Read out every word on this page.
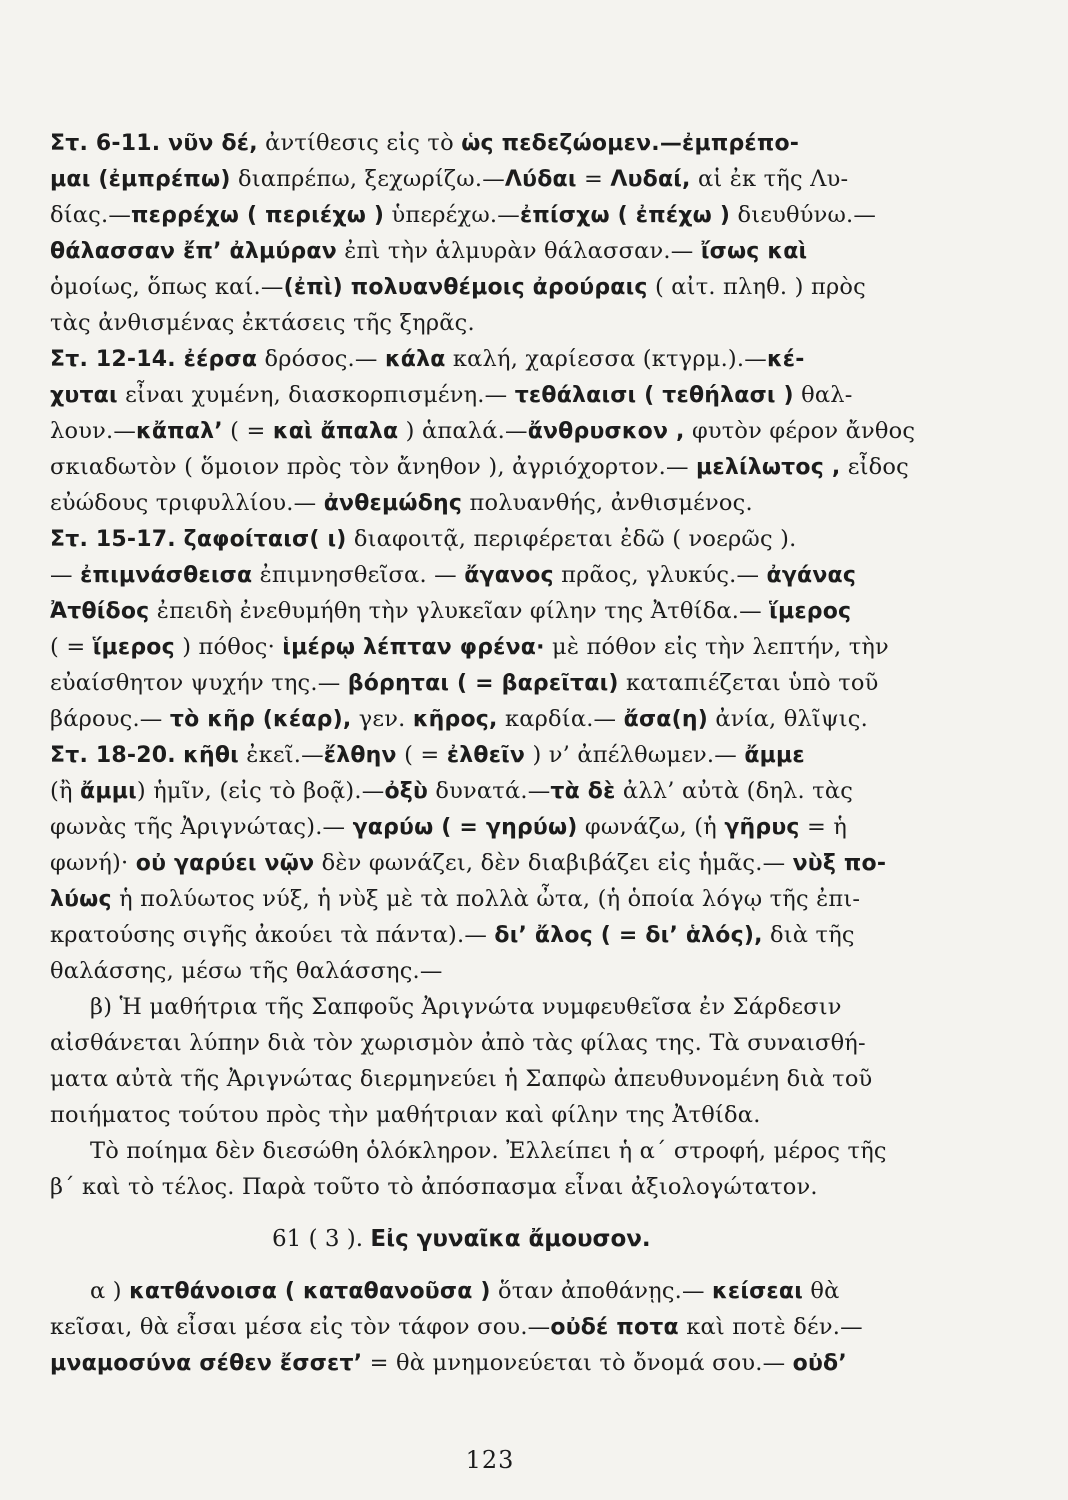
Στ. 6-11. νῦν δέ, ἀντίθεσις εἰς τὸ ὡς πεδεζώομεν.—ἐμπρέπο-
μαι (ἐμπρέπω) διαπρέπω, ξεχωρίζω.—Λύδαι = Λυδαί, αἱ ἐκ τῆς Λυ-
δίας.—περρέχω ( περιέχω ) ὑπερέχω.—ἐπίσχω ( ἐπέχω ) διευθύνω.—
θάλασσαν ἔπ’ ἀλμύραν ἐπὶ τὴν ἁλμυρὰν θάλασσαν.— ἴσως καὶ
ὁμοίως, ὅπως καί.—(ἐπὶ) πολυανθέμοις ἀρούραις ( αἰτ. πληθ. ) πρὸς
τὰς ἀνθισμένας ἐκτάσεις τῆς ξηρᾶς.
Στ. 12-14. ἐέρσα δρόσος.— κάλα καλή, χαρίεσσα (κτγρμ.).—κέ-
χυται εἶναι χυμένη, διασκορπισμένη.— τεθάλαισι ( τεθήλασι ) θαλ-
λουν.—κἄπαλ’ ( = καὶ ἄπαλα ) ἁπαλά.—ἄνθρυσκον , φυτὸν φέρον ἄνθος
σκιαδωτὸν ( ὅμοιον πρὸς τὸν ἄνηθον ), ἀγριόχορτον.— μελίλωτος , εἶδος
εὐώδους τριφυλλίου.— ἀνθεμώδης πολυανθής, ἀνθισμένος.
Στ. 15-17. ζαφοίταισ( ι) διαφοιτᾷ, περιφέρεται ἐδῶ ( νοερῶς ).
— ἐπιμνάσθεισα ἐπιμνησθεῖσα. — ἄγανος πρᾶος, γλυκύς.— ἀγάνας
Ἀτθίδος ἐπειδὴ ἐνεθυμήθη τὴν γλυκεῖαν φίλην της Ἀτθίδα.— ἵμερος
( = ἵμερος ) πόθος· ἱμέρῳ λέπταν φρένα· μὲ πόθον εἰς τὴν λεπτήν, τὴν
εὐαίσθητον ψυχήν της.— βόρηται ( = βαρεῖται) καταπιέζεται ὑπὸ τοῦ
βάρους.— τὸ κῆρ (κέαρ), γεν. κῆρος, καρδία.— ἄσα(η) ἀνία, θλῖψις.
Στ. 18-20. κῆθι ἐκεῖ.—ἔλθην ( = ἐλθεῖν ) ν’ ἀπέλθωμεν.— ἄμμε
(ἢ ἄμμι) ἡμῖν, (εἰς τὸ βοᾷ).—ὀξὺ δυνατά.—τὰ δὲ ἀλλ’ αὐτὰ (δηλ. τὰς
φωνὰς τῆς Ἀριγνώτας).— γαρύω ( = γηρύω) φωνάζω, (ἡ γῆρυς = ἡ
φωνή)· οὐ γαρύει νῷν δὲν φωνάζει, δὲν διαβιβάζει εἰς ἡμᾶς.— νὺξ πο-
λύως ἡ πολύωτος νύξ, ἡ νὺξ μὲ τὰ πολλὰ ὦτα, (ἡ ὁποία λόγῳ τῆς ἐπι-
κρατούσης σιγῆς ἀκούει τὰ πάντα).— δι’ ἄλος ( = δι’ ἁλός), διὰ τῆς
θαλάσσης, μέσω τῆς θαλάσσης.—
β) Ἡ μαθήτρια τῆς Σαπφοῦς Ἀριγνώτα νυμφευθεῖσα ἐν Σάρδεσιν
αἰσθάνεται λύπην διὰ τὸν χωρισμὸν ἀπὸ τὰς φίλας της. Τὰ συναισθή-
ματα αὐτὰ τῆς Ἀριγνώτας διερμηνεύει ἡ Σαπφὼ ἀπευθυνομένη διὰ τοῦ
ποιήματος τούτου πρὸς τὴν μαθήτριαν καὶ φίλην της Ἀτθίδα.
Τὸ ποίημα δὲν διεσώθη ὁλόκληρον. Ἐλλείπει ἡ α΄ στροφή, μέρος τῆς
β΄ καὶ τὸ τέλος. Παρὰ τοῦτο τὸ ἀπόσπασμα εἶναι ἀξιολογώτατον.
61 ( 3 ). Εἰς γυναῖκα ἄμουσον.
α ) κατθάνοισα ( καταθανοῦσα ) ὅταν ἀποθάνῃς.— κείσεαι θὰ
κεῖσαι, θὰ εἶσαι μέσα εἰς τὸν τάφον σου.—οὐδέ ποτα καὶ ποτὲ δέν.—
μναμοσύνα σέθεν ἔσσετ’ = θὰ μνημονεύεται τὸ ὄνομά σου.— οὐδ’
123
